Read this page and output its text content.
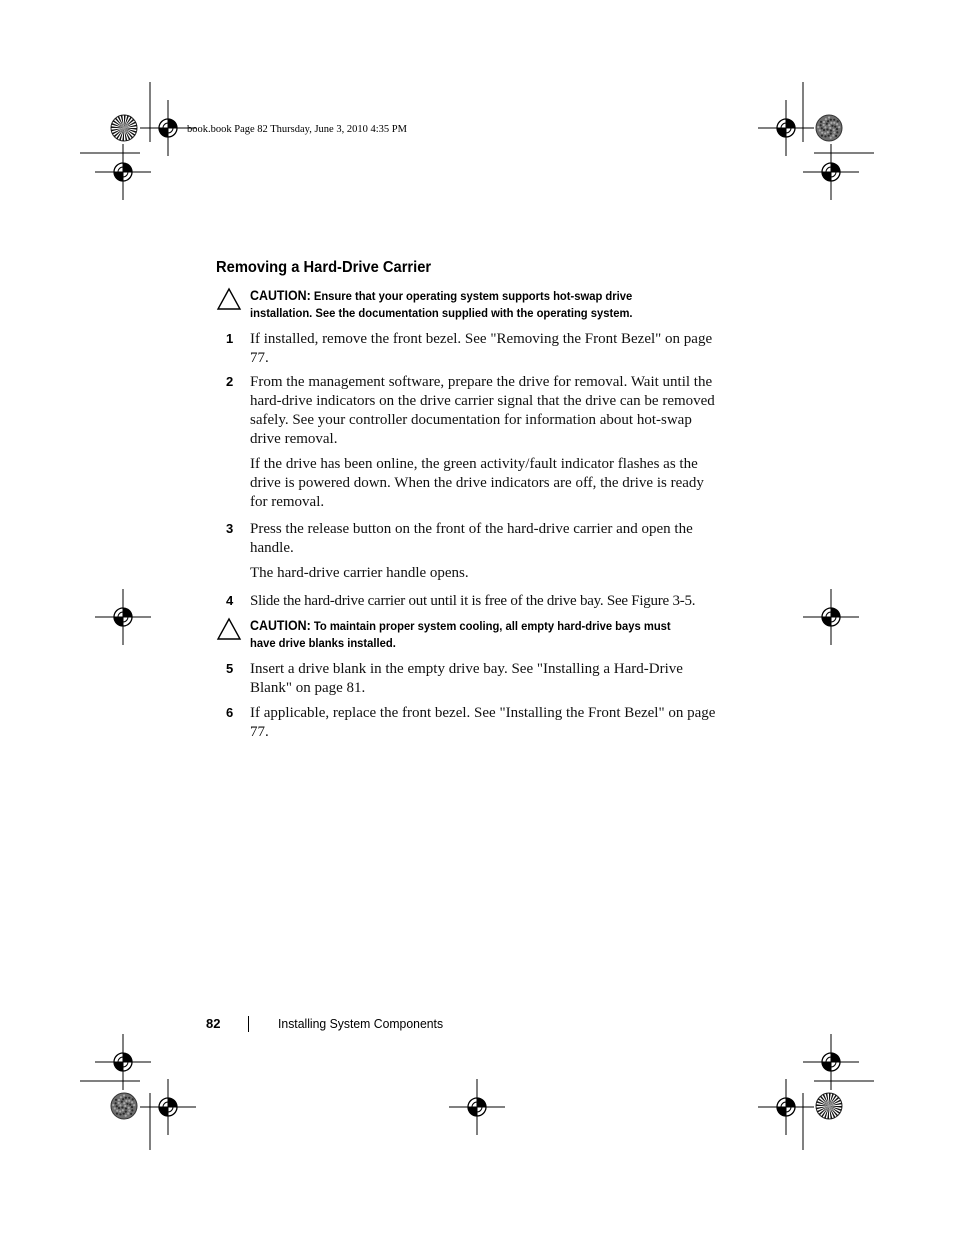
book.book Page 82 Thursday, June 3, 2010 4:35 PM
Removing a Hard-Drive Carrier
CAUTION: Ensure that your operating system supports hot-swap drive installation. See the documentation supplied with the operating system.
1 If installed, remove the front bezel. See "Removing the Front Bezel" on page 77.
2 From the management software, prepare the drive for removal. Wait until the hard-drive indicators on the drive carrier signal that the drive can be removed safely. See your controller documentation for information about hot-swap drive removal.
If the drive has been online, the green activity/fault indicator flashes as the drive is powered down. When the drive indicators are off, the drive is ready for removal.
3 Press the release button on the front of the hard-drive carrier and open the handle.
The hard-drive carrier handle opens.
4 Slide the hard-drive carrier out until it is free of the drive bay. See Figure 3-5.
CAUTION: To maintain proper system cooling, all empty hard-drive bays must have drive blanks installed.
5 Insert a drive blank in the empty drive bay. See "Installing a Hard-Drive Blank" on page 81.
6 If applicable, replace the front bezel. See "Installing the Front Bezel" on page 77.
82	Installing System Components
